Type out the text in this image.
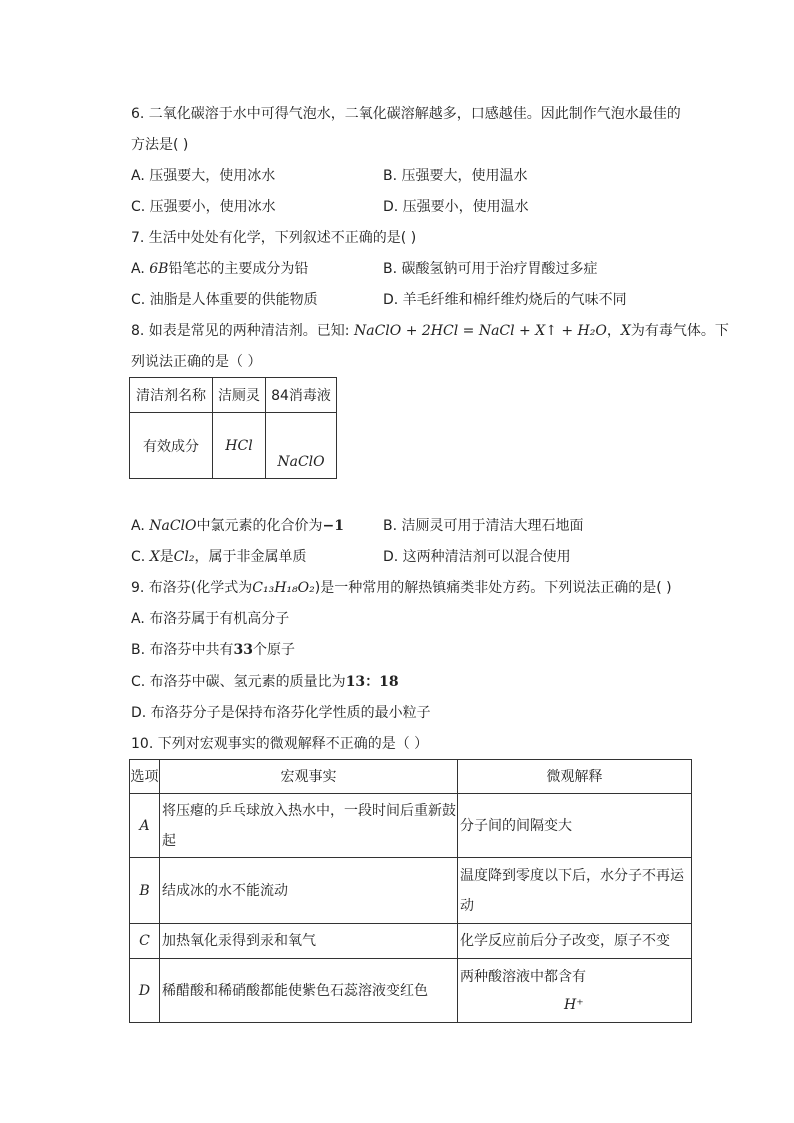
6. 二氧化碳溶于水中可得气泡水，二氧化碳溶解越多，口感越佳。因此制作气泡水最佳的
方法是( )
A. 压强要大，使用冰水	B. 压强要大，使用温水
C. 压强要小，使用冰水	D. 压强要小，使用温水
7. 生活中处处有化学，下列叙述不正确的是( )
A. 6B铅笔芯的主要成分为铅	B. 碳酸氢钠可用于治疗胃酸过多症
C. 油脂是人体重要的供能物质	D. 羊毛纤维和棉纤维灼烧后的气味不同
8. 如表是常见的两种清洁剂。已知: NaClO + 2HCl = NaCl + X↑ + H₂O，X为有毒气体。下
列说法正确的是（ ）
清洁剂名称	洁厕灵	84消毒液
有效成分	HCl	NaClO
A. NaClO中氯元素的化合价为−1	B. 洁厕灵可用于清洁大理石地面
C. X是Cl₂，属于非金属单质	D. 这两种清洁剂可以混合使用
9. 布洛芬(化学式为C₁₃H₁₈O₂)是一种常用的解热镇痛类非处方药。下列说法正确的是( )
A. 布洛芬属于有机高分子
B. 布洛芬中共有33个原子
C. 布洛芬中碳、氢元素的质量比为13：18
D. 布洛芬分子是保持布洛芬化学性质的最小粒子
10. 下列对宏观事实的微观解释不正确的是（ ）
选项	宏观事实	微观解释
A	将压瘪的乒乓球放入热水中，一段时间后重新鼓起	分子间的间隔变大
B	结成冰的水不能流动	温度降到零度以下后，水分子不再运动
C	加热氧化汞得到汞和氧气	化学反应前后分子改变，原子不变
D	稀醋酸和稀硝酸都能使紫色石蕊溶液变红色	两种酸溶液中都含有
H⁺
